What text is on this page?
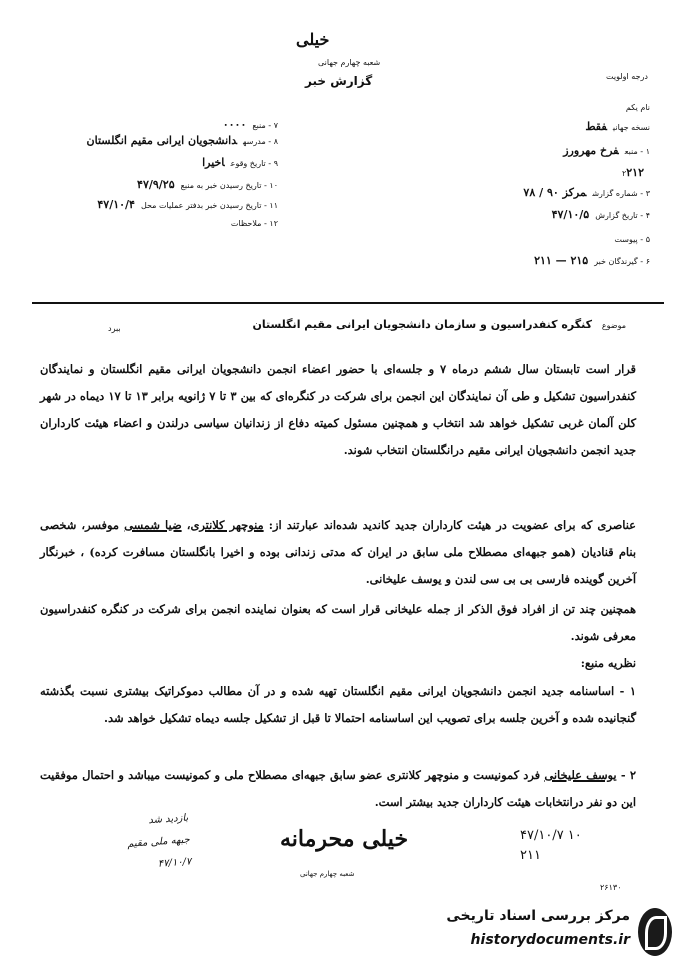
خیلی
شعبه چهارم جهانی
گزارش خبر	درجه اولویت
۷ - منبع۰۰۰۰
۸ - مدرسهدانشجویان ایرانی مقیم انگلستان
۹ - تاریخ وقوعاخیرا
۱۰ - تاریخ رسیدن خبر به منبع۴۷/۹/۲۵
۱۱ - تاریخ رسیدن خبر بدفتر عملیات محل۴۷/۱۰/۴
۱۲ - ملاحظات
نام یکم
نسخه جهانیفقط
۱ - منبعفرخ مهرورز
۲۲۱۲
۳ - شماره گزارشمرکز ۹۰ / ۷۸
۴ - تاریخ گزارش۴۷/۱۰/۵
۵ - پیوست
۶ - گیرندگان خبر۲۱۵ — ۲۱۱
موضوع کنگره کنفدراسیون و سازمان دانشجویان ایرانی مقیم انگلستان
ببرد
قرار است تابستان سال ششم درماه ۷ و جلسه‌ای با حضور اعضاء انجمن دانشجویان ایرانی مقیم انگلستان و نمایندگان کنفدراسیون تشکیل و طی آن نمایندگان این انجمن برای شرکت در کنگره‌ای که بین ۳ تا ۷ ژانویه برابر ۱۳ تا ۱۷ دیماه در شهر کلن آلمان غربی تشکیل خواهد شد انتخاب و همچنین مسئول کمیته دفاع از زندانیان سیاسی درلندن و اعضاء هیئت کارداران جدید انجمن دانشجویان ایرانی مقیم درانگلستان انتخاب شوند.
عناصری که برای عضویت در هیئت کارداران جدید کاندید شده‌اند عبارتند از: منوچهر کلانتری، ضیا شمسی موفسر، شخصی بنام قنادیان (همو جبهه‌ای مصطلاح ملی سابق در ایران که مدتی زندانی بوده و اخیرا بانگلستان مسافرت کرده) ، خبرنگار آخرین گوینده فارسی بی بی سی لندن و یوسف علیخانی.
همچنین چند تن از افراد فوق الذکر از جمله علیخانی قرار است که بعنوان نماینده انجمن برای شرکت در کنگره کنفدراسیون معرفی شوند.
نظریه منبع:
۱ - اساسنامه جدید انجمن دانشجویان ایرانی مقیم انگلستان تهیه شده و در آن مطالب دموکراتیک بیشتری نسبت بگذشته گنجانیده شده و آخرین جلسه برای تصویب این اساسنامه احتمالا تا قبل از تشکیل جلسه دیماه تشکیل خواهد شد.
۲ - یوسف علیخانی فرد کمونیست و منوچهر کلانتری عضو سابق جبهه‌ای مصطلاح ملی و کمونیست میباشد و احتمال موفقیت این دو نفر درانتخابات هیئت کارداران جدید بیشتر است.
بازدید شد
جبهه ملی مقیم
۴۷/۱۰/۷
خیلی محرمانه
شعبه چهارم جهانی
۴۷/۱۰/۷ ۱۰
۲۱۱
۲۶۱۳۰
مرکز بررسی اسناد تاریخی
historydocuments.ir
